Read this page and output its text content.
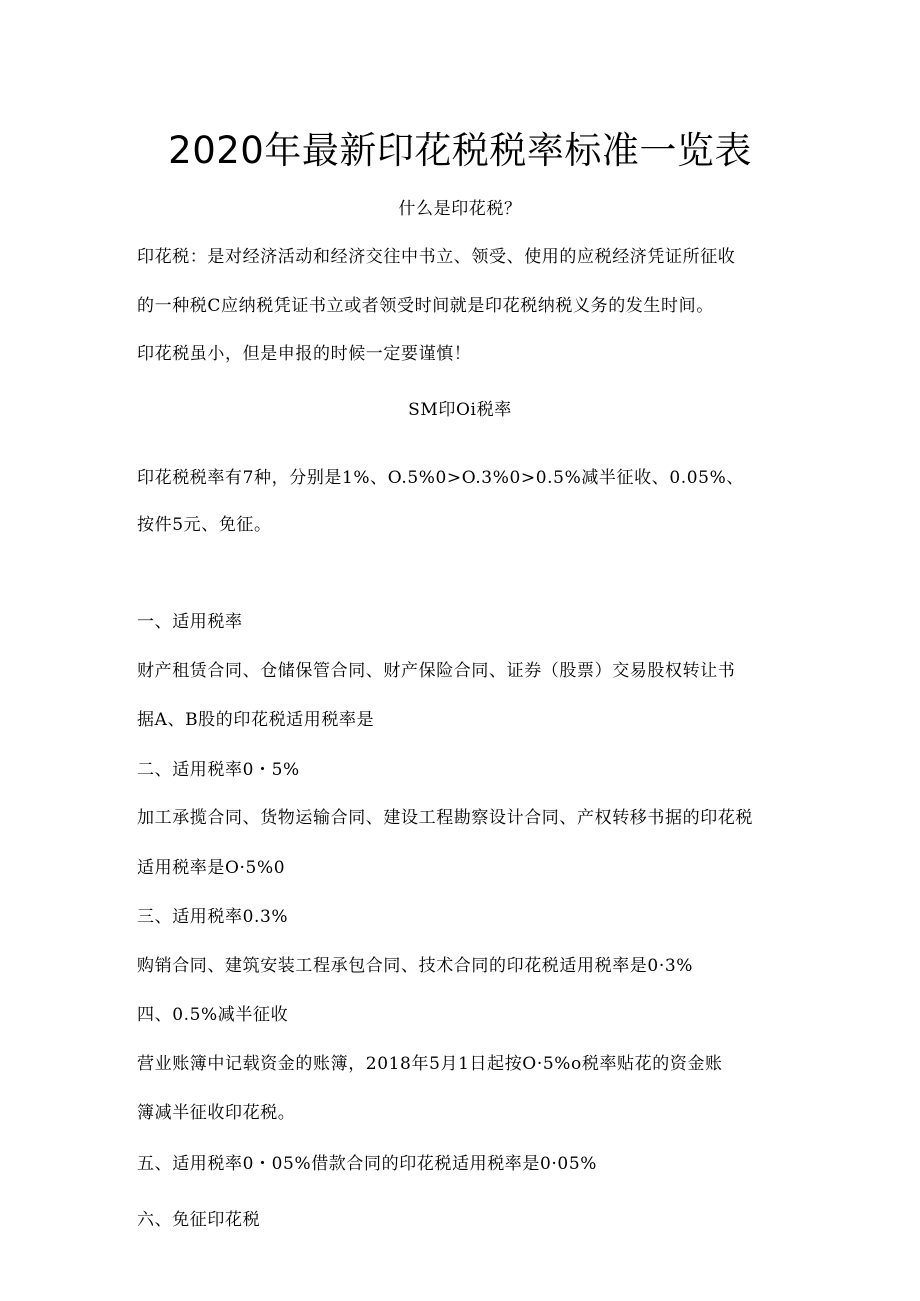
2020年最新印花税税率标准一览表
什么是印花税？
印花税：是对经济活动和经济交往中书立、领受、使用的应税经济凭证所征收
的一种税C应纳税凭证书立或者领受时间就是印花税纳税义务的发生时间。
印花税虽小，但是申报的时候一定要谨慎！
SM印Oi税率
印花税税率有7种，分别是1%、O.5%0>O.3%0>0.5%减半征收、0.05%、
按件5元、免征。
一、适用税率
财产租赁合同、仓储保管合同、财产保险合同、证券（股票）交易股权转让书
据A、B股的印花税适用税率是
二、适用税率0・5%
加工承揽合同、货物运输合同、建设工程勘察设计合同、产权转移书据的印花税
适用税率是O·5%0
三、适用税率0.3%
购销合同、建筑安装工程承包合同、技术合同的印花税适用税率是0·3%
四、0.5%减半征收
营业账簿中记载资金的账簿，2018年5月1日起按O·5%o税率贴花的资金账
簿减半征收印花税。
五、适用税率0・05%借款合同的印花税适用税率是0·05%
六、免征印花税
